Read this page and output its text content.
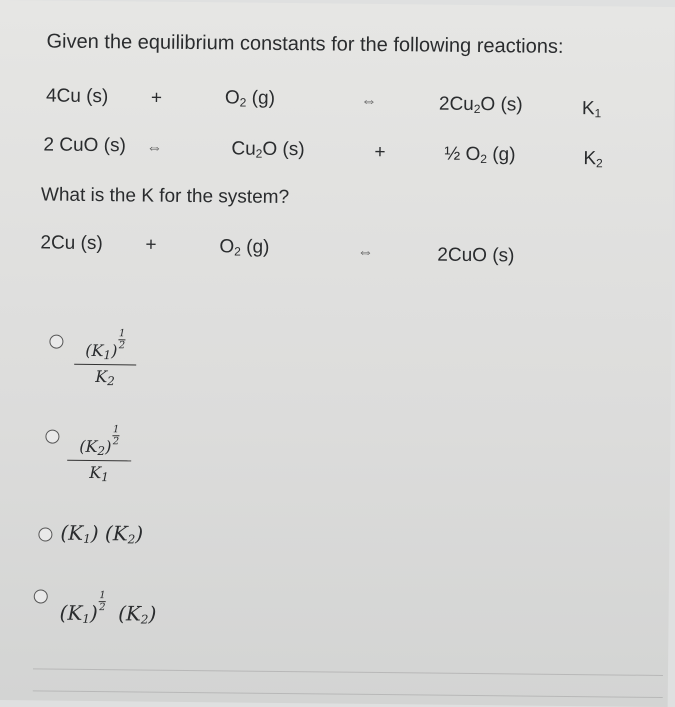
Given the equilibrium constants for the following reactions:
4Cu (s) +	$O_2$ (g)	⇔	$2Cu_2O$ (s)	$K_1$
2 CuO (s) ⇔	$Cu_2O$ (s)	+	½ $O_2$ (g)	$K_2$
What is the K for the system?
2Cu (s) +	$O_2$ (g)	⇔	2CuO (s)
$(K_1)\frac{1}{2}$
$K_2$
$(K_2)\frac{1}{2}$
$K_1$
$(K_1)$ $(K_2)$
$(K_1)\frac{1}{2} (K_2)$
